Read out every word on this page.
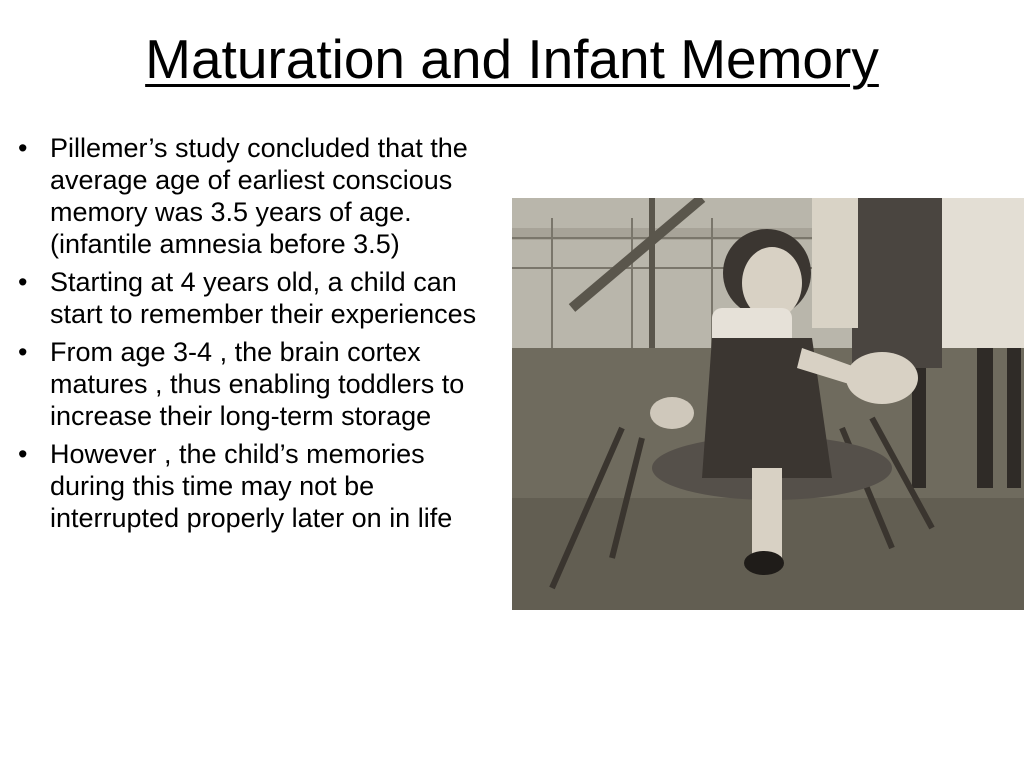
Maturation and Infant Memory
• Pillemer’s study concluded that the average age of earliest conscious memory was 3.5 years of age. (infantile amnesia before 3.5)
• Starting at 4 years old, a child can start to remember their experiences
• From age 3-4 , the brain cortex matures , thus enabling toddlers to increase their long-term storage
• However , the child’s memories during this time may not be interrupted properly later on in life
